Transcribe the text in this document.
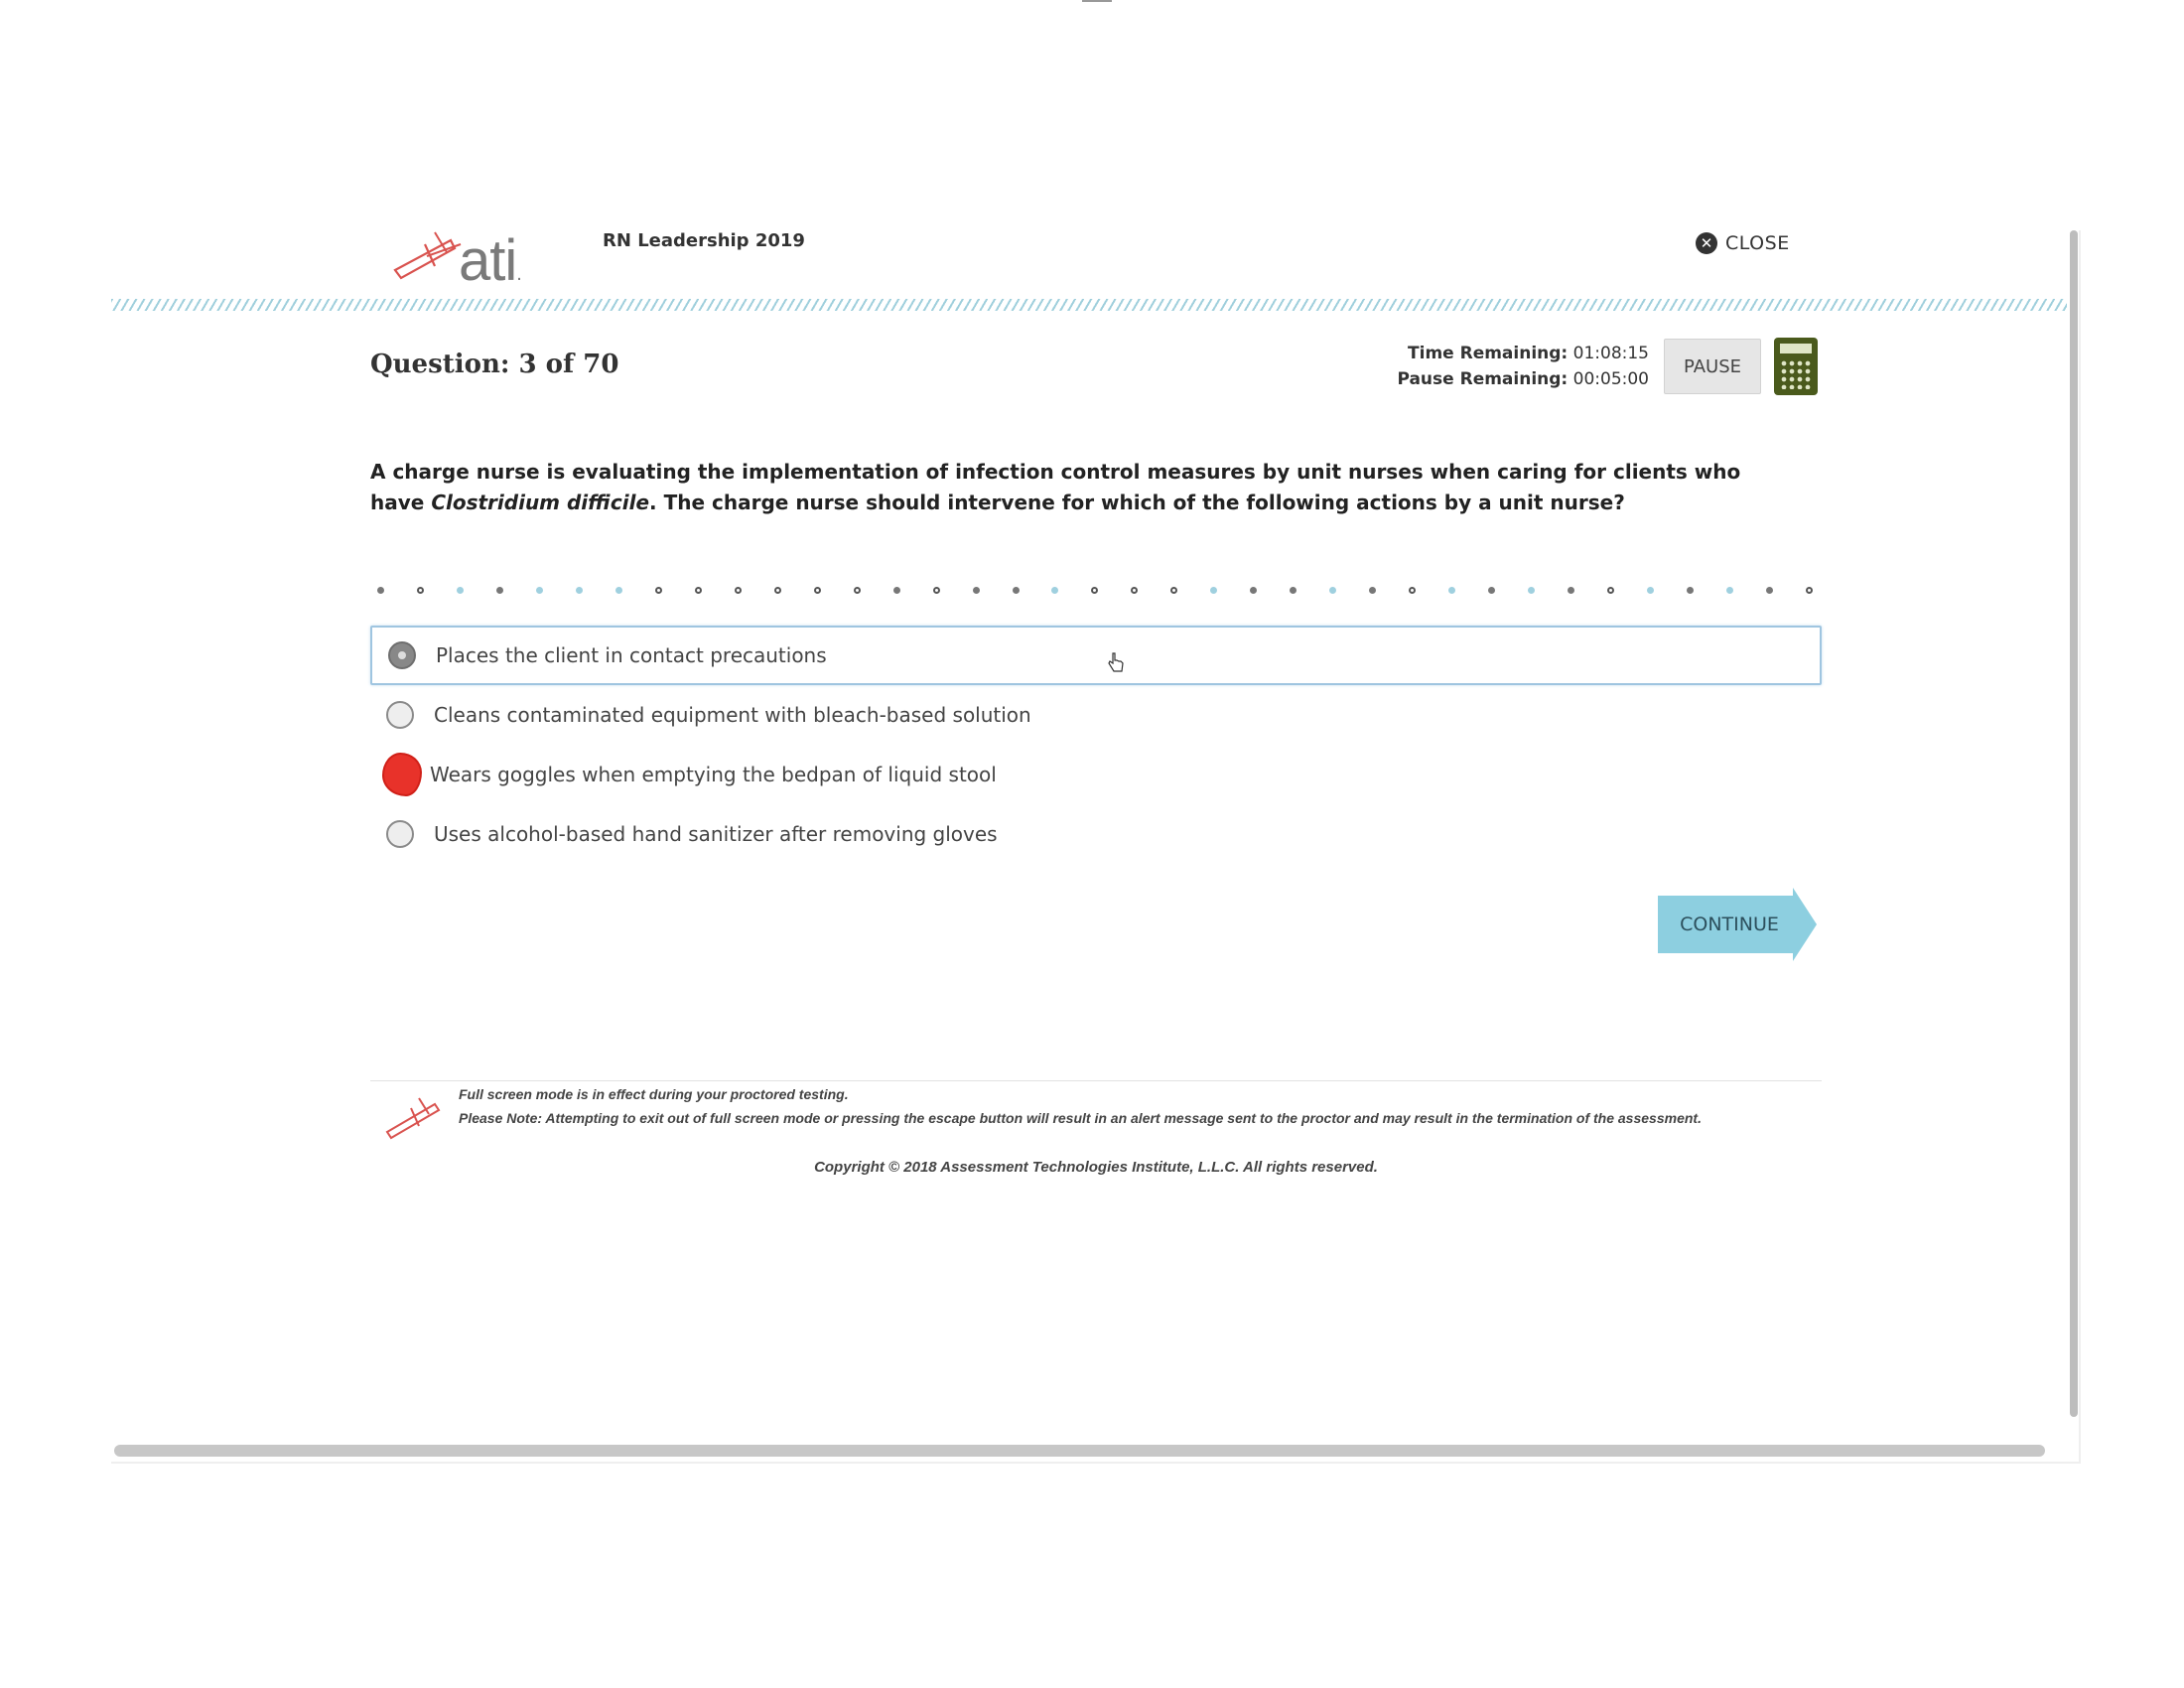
ati.
RN Leadership 2019	✕ CLOSE
Question: 3 of 70	Time Remaining: 01:08:15
Pause Remaining: 00:05:00
PAUSE
A charge nurse is evaluating the implementation of infection control measures by unit nurses when caring for clients who have Clostridium difficile. The charge nurse should intervene for which of the following actions by a unit nurse?
Places the client in contact precautions
Cleans contaminated equipment with bleach-based solution
Wears goggles when emptying the bedpan of liquid stool
Uses alcohol-based hand sanitizer after removing gloves
CONTINUE

Full screen mode is in effect during your proctored testing.

Please Note: Attempting to exit out of full screen mode or pressing the escape button will result in an alert message sent to the proctor and may result in the termination of the assessment.

Copyright © 2018 Assessment Technologies Institute, L.L.C. All rights reserved.
